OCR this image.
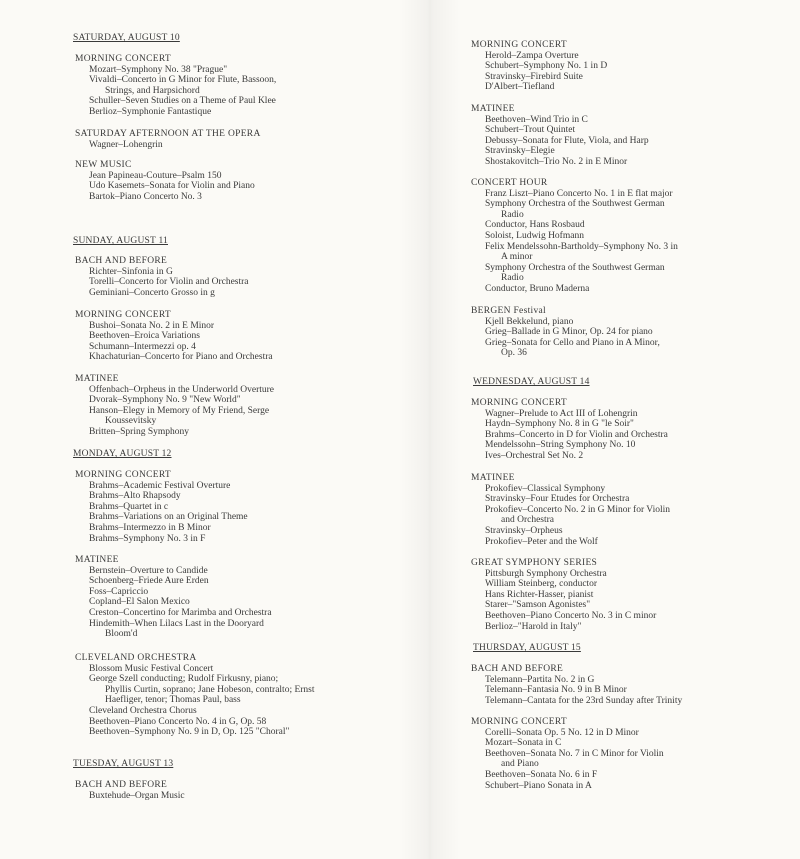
SATURDAY, AUGUST 10
MORNING CONCERT
Mozart–Symphony No. 38 "Prague"
Vivaldi–Concerto in G Minor for Flute, Bassoon,
Strings, and Harpsichord
Schuller–Seven Studies on a Theme of Paul Klee
Berlioz–Symphonie Fantastique
SATURDAY AFTERNOON AT THE OPERA
Wagner–Lohengrin
NEW MUSIC
Jean Papineau-Couture–Psalm 150
Udo Kasemets–Sonata for Violin and Piano
Bartok–Piano Concerto No. 3
SUNDAY, AUGUST 11
BACH AND BEFORE
Richter–Sinfonia in G
Torelli–Concerto for Violin and Orchestra
Geminiani–Concerto Grosso in g
MORNING CONCERT
Bushoi–Sonata No. 2 in E Minor
Beethoven–Eroica Variations
Schumann–Intermezzi op. 4
Khachaturian–Concerto for Piano and Orchestra
MATINEE
Offenbach–Orpheus in the Underworld Overture
Dvorak–Symphony No. 9 "New World"
Hanson–Elegy in Memory of My Friend, Serge
Koussevitsky
Britten–Spring Symphony
MONDAY, AUGUST 12
MORNING CONCERT
Brahms–Academic Festival Overture
Brahms–Alto Rhapsody
Brahms–Quartet in c
Brahms–Variations on an Original Theme
Brahms–Intermezzo in B Minor
Brahms–Symphony No. 3 in F
MATINEE
Bernstein–Overture to Candide
Schoenberg–Friede Aure Erden
Foss–Capriccio
Copland–El Salon Mexico
Creston–Concertino for Marimba and Orchestra
Hindemith–When Lilacs Last in the Dooryard
Bloom'd
CLEVELAND ORCHESTRA
Blossom Music Festival Concert
George Szell conducting; Rudolf Firkusny, piano;
Phyllis Curtin, soprano; Jane Hobeson, contralto; Ernst Haefliger, tenor; Thomas Paul, bass
Cleveland Orchestra Chorus
Beethoven–Piano Concerto No. 4 in G, Op. 58
Beethoven–Symphony No. 9 in D, Op. 125 "Choral"
TUESDAY, AUGUST 13
BACH AND BEFORE
Buxtehude–Organ Music
MORNING CONCERT
Herold–Zampa Overture
Schubert–Symphony No. 1 in D
Stravinsky–Firebird Suite
D'Albert–Tiefland
MATINEE
Beethoven–Wind Trio in C
Schubert–Trout Quintet
Debussy–Sonata for Flute, Viola, and Harp
Stravinsky–Elegie
Shostakovitch–Trio No. 2 in E Minor
CONCERT HOUR
Franz Liszt–Piano Concerto No. 1 in E flat major
Symphony Orchestra of the Southwest German
Radio
Conductor, Hans Rosbaud
Soloist, Ludwig Hofmann
Felix Mendelssohn-Bartholdy–Symphony No. 3 in
A minor
Symphony Orchestra of the Southwest German
Radio
Conductor, Bruno Maderna
BERGEN Festival
Kjell Bekkelund, piano
Grieg–Ballade in G Minor, Op. 24 for piano
Grieg–Sonata for Cello and Piano in A Minor,
Op. 36
WEDNESDAY, AUGUST 14
MORNING CONCERT
Wagner–Prelude to Act III of Lohengrin
Haydn–Symphony No. 8 in G "le Soir"
Brahms–Concerto in D for Violin and Orchestra
Mendelssohn–String Symphony No. 10
Ives–Orchestral Set No. 2
MATINEE
Prokofiev–Classical Symphony
Stravinsky–Four Etudes for Orchestra
Prokofiev–Concerto No. 2 in G Minor for Violin
and Orchestra
Stravinsky–Orpheus
Prokofiev–Peter and the Wolf
GREAT SYMPHONY SERIES
Pittsburgh Symphony Orchestra
William Steinberg, conductor
Hans Richter-Hasser, pianist
Starer–"Samson Agonistes"
Beethoven–Piano Concerto No. 3 in C minor
Berlioz–"Harold in Italy"
THURSDAY, AUGUST 15
BACH AND BEFORE
Telemann–Partita No. 2 in G
Telemann–Fantasia No. 9 in B Minor
Telemann–Cantata for the 23rd Sunday after Trinity
MORNING CONCERT
Corelli–Sonata Op. 5 No. 12 in D Minor
Mozart–Sonata in C
Beethoven–Sonata No. 7 in C Minor for Violin
and Piano
Beethoven–Sonata No. 6 in F
Schubert–Piano Sonata in A
